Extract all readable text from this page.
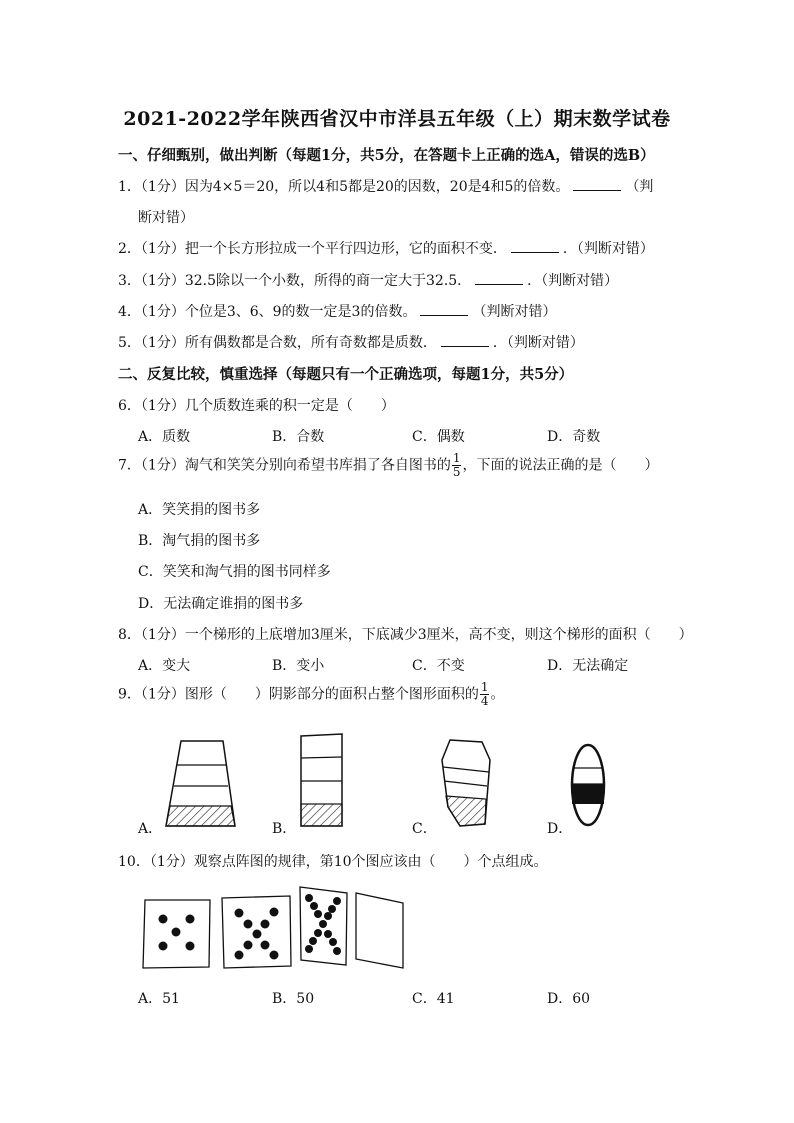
2021-2022学年陕西省汉中市洋县五年级（上）期末数学试卷
一、仔细甄别，做出判断（每题1分，共5分，在答题卡上正确的选A，错误的选B）
1．（1分）因为4×5＝20，所以4和5都是20的因数，20是4和5的倍数。	（判
断对错）
2．（1分）把一个长方形拉成一个平行四边形，它的面积不变．	．（判断对错）
3．（1分）32.5除以一个小数，所得的商一定大于32.5．	．（判断对错）
4．（1分）个位是3、6、9的数一定是3的倍数。	（判断对错）
5．（1分）所有偶数都是合数，所有奇数都是质数．	．（判断对错）
二、反复比较，慎重选择（每题只有一个正确选项，每题1分，共5分）
6．（1分）几个质数连乘的积一定是（　　）
A．质数	B．合数	C．偶数	D．奇数
7．（1分）淘气和笑笑分别向希望书库捐了各自图书的 $\frac{1}{5}$ ，下面的说法正确的是（　　）
A．笑笑捐的图书多
B．淘气捐的图书多
C．笑笑和淘气捐的图书同样多
D．无法确定谁捐的图书多
8．（1分）一个梯形的上底增加3厘米，下底减少3厘米，高不变，则这个梯形的面积（　　）
A．变大	B．变小	C．不变	D．无法确定
9．（1分）图形（　　）阴影部分的面积占整个图形面积的 $\frac{1}{4}$ 。
A．	B．	C．	D．
10．（1分）观察点阵图的规律，第10个图应该由（　　）个点组成。
A．51	B．50	C．41	D．60
